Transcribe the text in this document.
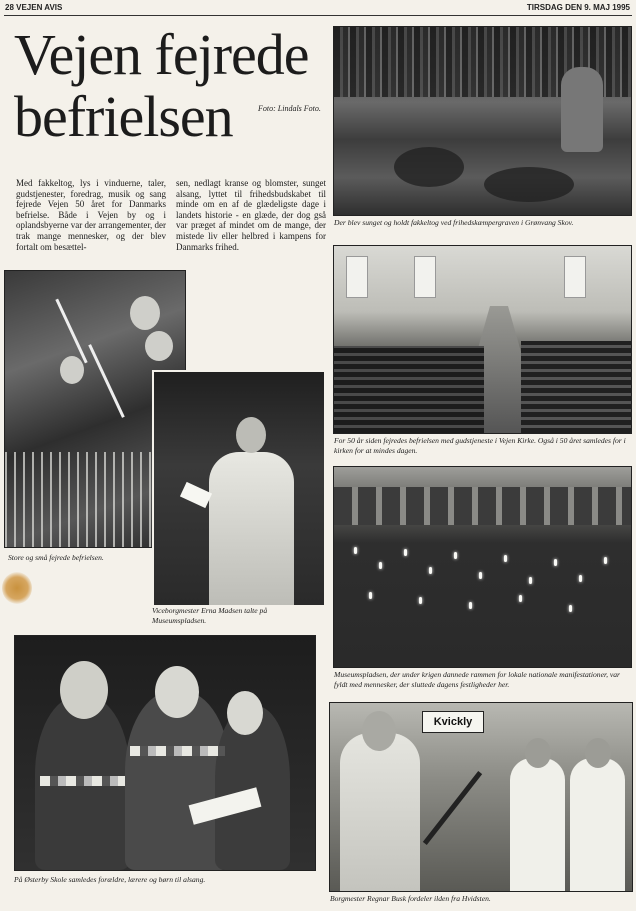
28 VEJEN AVIS	TIRSDAG DEN 9. MAJ 1995
Vejen fejrede
befrielsen	Foto: Lindals Foto.
Med fakkeltog, lys i vinduerne, taler, gudstjenester, foredrag, musik og sang fejrede Vejen 50 året for Danmarks befrielse. Både i Vejen by og i oplandsbyerne var der arrangementer, der trak mange mennesker, og der blev fortalt om besættel-
sen, nedlagt kranse og blomster, sunget alsang, lyttet til frihedsbudskabet til minde om en af de glædeligste dage i landets historie - en glæde, der dog gså var præget af mindet om de mange, der mistede liv eller helbred i kampens for Danmarks frihed.
Der blev sunget og holdt fakkeltog ved frihedskæmpergraven i Grønvang Skov.
For 50 år siden fejredes befrielsen med gudstjeneste i Vejen Kirke. Også i 50 året samledes for i kirken for at mindes dagen.
Museumspladsen, der under krigen dannede rammen for lokale nationale manifestationer, var fyldt med mennesker, der sluttede dagens festligheder her.
Store og små fejrede befrielsen.
Viceborgmester Erna Madsen talte på Museumspladsen.
På Østerby Skole samledes forældre, lærere og børn til alsang.
Kvickly
Borgmester Regnar Busk fordeler ilden fra Hvidsten.
